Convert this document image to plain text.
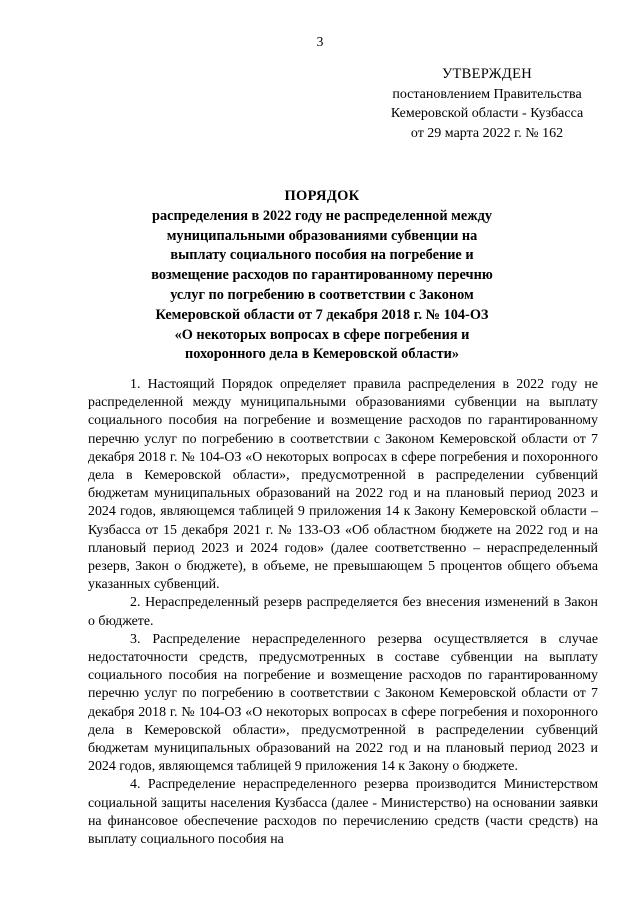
3
УТВЕРЖДЕН
постановлением Правительства
Кемеровской области - Кузбасса
от 29 марта 2022 г. № 162
ПОРЯДОК
распределения в 2022 году не распределенной между
муниципальными образованиями субвенции на
выплату социального пособия на погребение и
возмещение расходов по гарантированному перечню
услуг по погребению в соответствии с Законом
Кемеровской области от 7 декабря 2018 г. № 104-ОЗ
«О некоторых вопросах в сфере погребения и
похоронного дела в Кемеровской области»

1. Настоящий Порядок определяет правила распределения в 2022 году не распределенной между муниципальными образованиями субвенции на выплату социального пособия на погребение и возмещение расходов по гарантированному перечню услуг по погребению в соответствии с Законом Кемеровской области от 7 декабря 2018 г. № 104-ОЗ «О некоторых вопросах в сфере погребения и похоронного дела в Кемеровской области», предусмотренной в распределении субвенций бюджетам муниципальных образований на 2022 год и на плановый период 2023 и 2024 годов, являющемся таблицей 9 приложения 14 к Закону Кемеровской области – Кузбасса от 15 декабря 2021 г. № 133-ОЗ «Об областном бюджете на 2022 год и на плановый период 2023 и 2024 годов» (далее соответственно – нераспределенный резерв, Закон о бюджете), в объеме, не превышающем 5 процентов общего объема указанных субвенций.

2. Нераспределенный резерв распределяется без внесения изменений в Закон о бюджете.

3. Распределение нераспределенного резерва осуществляется в случае недостаточности средств, предусмотренных в составе субвенции на выплату социального пособия на погребение и возмещение расходов по гарантированному перечню услуг по погребению в соответствии с Законом Кемеровской области от 7 декабря 2018 г. № 104-ОЗ «О некоторых вопросах в сфере погребения и похоронного дела в Кемеровской области», предусмотренной в распределении субвенций бюджетам муниципальных образований на 2022 год и на плановый период 2023 и 2024 годов, являющемся таблицей 9 приложения 14 к Закону о бюджете.

4. Распределение нераспределенного резерва производится Министерством социальной защиты населения Кузбасса (далее - Министерство) на основании заявки на финансовое обеспечение расходов по перечислению средств (части средств) на выплату социального пособия на
